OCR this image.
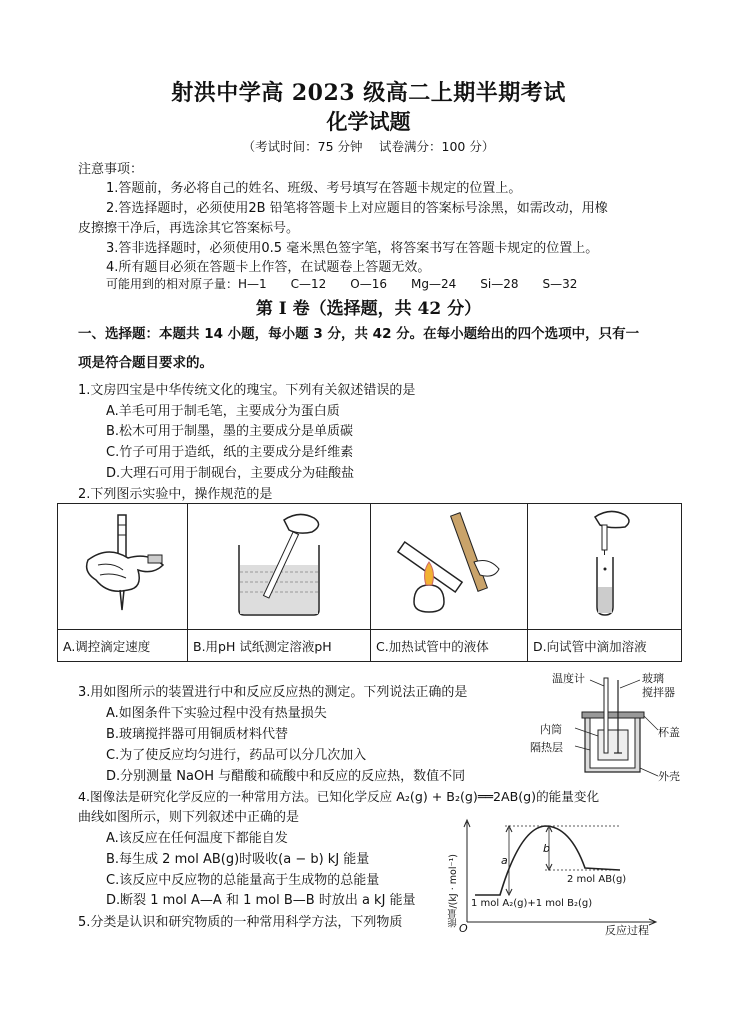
射洪中学高 2023 级高二上期半期考试
化学试题
（考试时间：75 分钟　 试卷满分：100 分）
注意事项：
1.答题前，务必将自己的姓名、班级、考号填写在答题卡规定的位置上。
2.答选择题时，必须使用2B 铅笔将答题卡上对应题目的答案标号涂黑，如需改动，用橡
皮擦擦干净后，再选涂其它答案标号。
3.答非选择题时，必须使用0.5 毫米黑色签字笔，将答案书写在答题卡规定的位置上。
4.所有题目必须在答题卡上作答，在试题卷上答题无效。
可能用到的相对原子量：H—1　　C—12　　O—16　　Mg—24　　Si—28　　S—32
第 I 卷（选择题，共 42 分）
一、选择题：本题共 14 小题，每小题 3 分，共 42 分。在每小题给出的四个选项中，只有一
项是符合题目要求的。
1.文房四宝是中华传统文化的瑰宝。下列有关叙述错误的是
A.羊毛可用于制毛笔，主要成分为蛋白质
B.松木可用于制墨，墨的主要成分是单质碳
C.竹子可用于造纸，纸的主要成分是纤维素
D.大理石可用于制砚台，主要成分为硅酸盐
2.下列图示实验中，操作规范的是

A.调控滴定速度	B.用pH 试纸测定溶液pH	C.加热试管中的液体	D.向试管中滴加溶液
3.用如图所示的装置进行中和反应反应热的测定。下列说法正确的是
A.如图条件下实验过程中没有热量损失
B.玻璃搅拌器可用铜质材料代替
C.为了使反应均匀进行，药品可以分几次加入
D.分别测量 NaOH 与醋酸和硫酸中和反应的反应热，数值不同
温度计	玻璃
搅拌器
杯盖
内筒
隔热层
外壳
4.图像法是研究化学反应的一种常用方法。已知化学反应 A₂(g) + B₂(g)══2AB(g)的能量变化
曲线如图所示，则下列叙述中正确的是
A.该反应在任何温度下都能自发
B.每生成 2 mol AB(g)时吸收(a − b) kJ 能量
C.该反应中反应物的总能量高于生成物的总能量
D.断裂 1 mol A—A 和 1 mol B—B 时放出 a kJ 能量	能量/(kJ · mol⁻¹)
O	反应过程
a
b
2 mol AB(g)
1 mol A₂(g)+1 mol B₂(g)
5.分类是认识和研究物质的一种常用科学方法，下列物质
